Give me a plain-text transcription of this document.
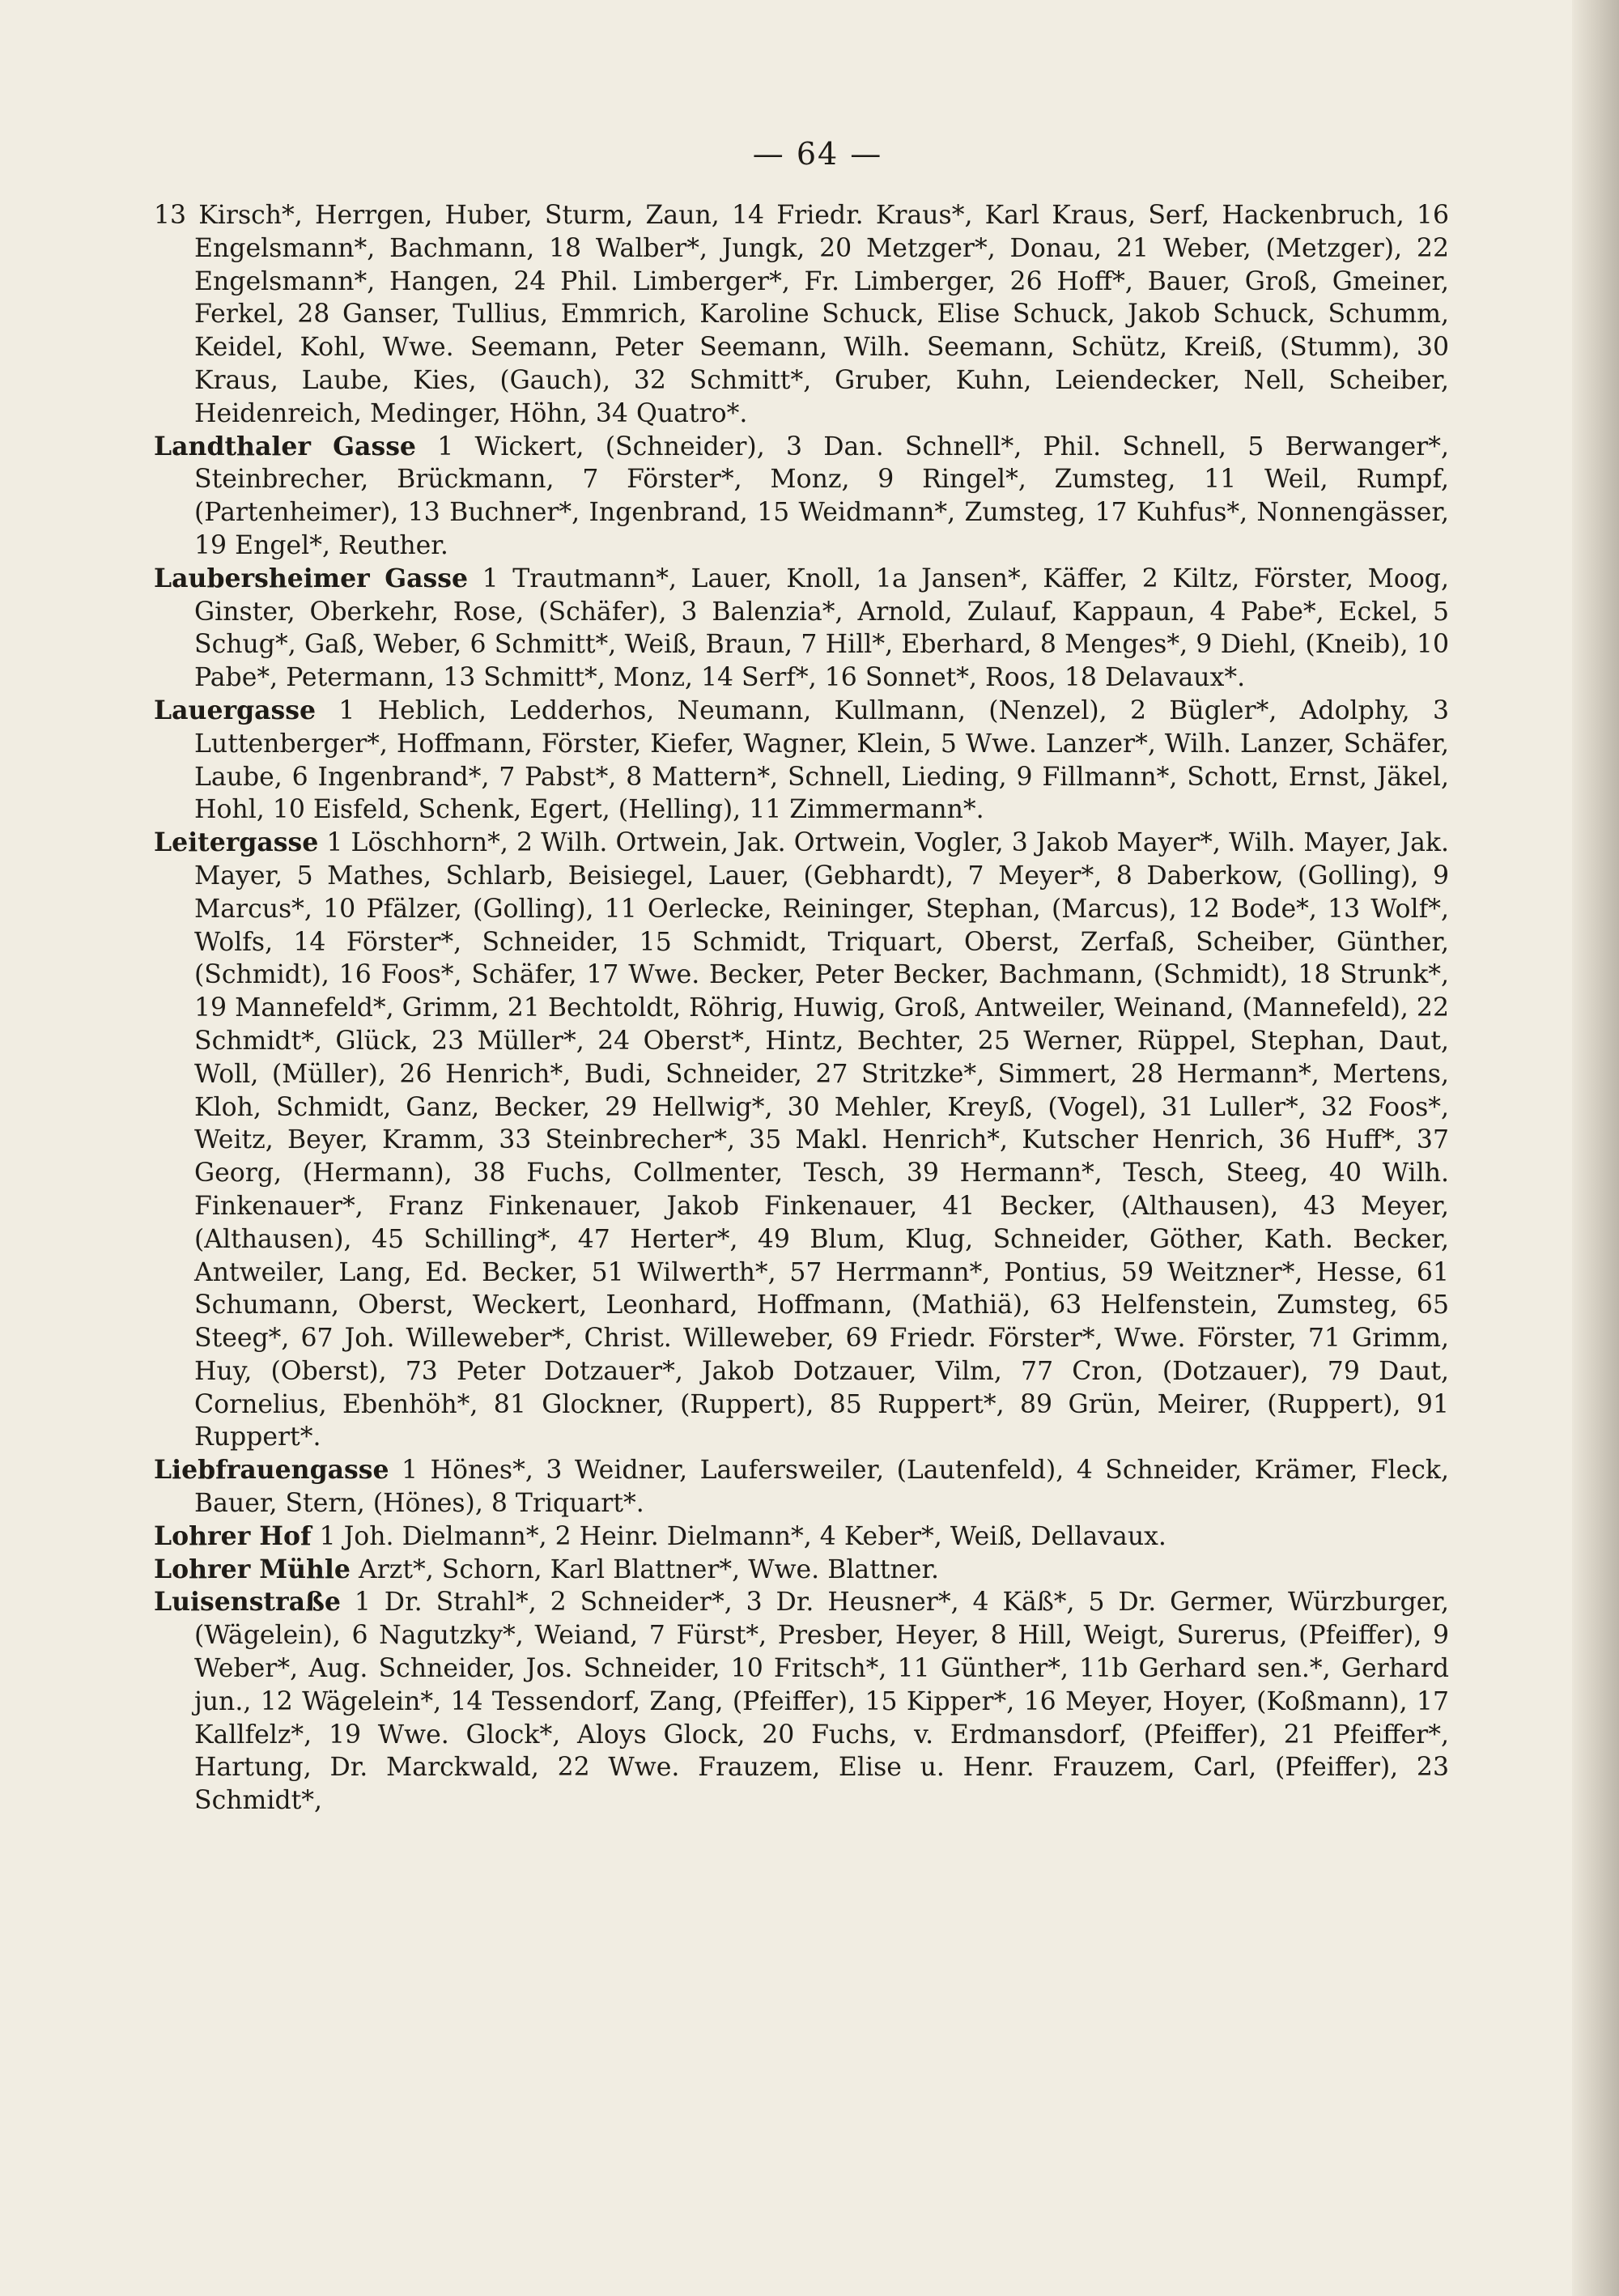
— 64 —

13 Kirsch*, Herrgen, Huber, Sturm, Zaun, 14 Friedr. Kraus*, Karl Kraus, Serf, Hackenbruch, 16 Engelsmann*, Bachmann, 18 Walber*, Jungk, 20 Metzger*, Donau, 21 Weber, (Metzger), 22 Engelsmann*, Hangen, 24 Phil. Limberger*, Fr. Limberger, 26 Hoff*, Bauer, Groß, Gmeiner, Ferkel, 28 Ganser, Tullius, Emmrich, Karoline Schuck, Elise Schuck, Jakob Schuck, Schumm, Keidel, Kohl, Wwe. Seemann, Peter Seemann, Wilh. Seemann, Schütz, Kreiß, (Stumm), 30 Kraus, Laube, Kies, (Gauch), 32 Schmitt*, Gruber, Kuhn, Leiendecker, Nell, Scheiber, Heidenreich, Medinger, Höhn, 34 Quatro*.

Landthaler Gasse 1 Wickert, (Schneider), 3 Dan. Schnell*, Phil. Schnell, 5 Berwanger*, Steinbrecher, Brückmann, 7 Förster*, Monz, 9 Ringel*, Zumsteg, 11 Weil, Rumpf, (Partenheimer), 13 Buchner*, Ingenbrand, 15 Weidmann*, Zumsteg, 17 Kuhfus*, Nonnengässer, 19 Engel*, Reuther.

Laubersheimer Gasse 1 Trautmann*, Lauer, Knoll, 1a Jansen*, Käffer, 2 Kiltz, Förster, Moog, Ginster, Oberkehr, Rose, (Schäfer), 3 Balenzia*, Arnold, Zulauf, Kappaun, 4 Pabe*, Eckel, 5 Schug*, Gaß, Weber, 6 Schmitt*, Weiß, Braun, 7 Hill*, Eberhard, 8 Menges*, 9 Diehl, (Kneib), 10 Pabe*, Petermann, 13 Schmitt*, Monz, 14 Serf*, 16 Sonnet*, Roos, 18 Delavaux*.

Lauergasse 1 Heblich, Ledderhos, Neumann, Kullmann, (Nenzel), 2 Bügler*, Adolphy, 3 Luttenberger*, Hoffmann, Förster, Kiefer, Wagner, Klein, 5 Wwe. Lanzer*, Wilh. Lanzer, Schäfer, Laube, 6 Ingenbrand*, 7 Pabst*, 8 Mattern*, Schnell, Lieding, 9 Fillmann*, Schott, Ernst, Jäkel, Hohl, 10 Eisfeld, Schenk, Egert, (Helling), 11 Zimmermann*.

Leitergasse 1 Löschhorn*, 2 Wilh. Ortwein, Jak. Ortwein, Vogler, 3 Jakob Mayer*, Wilh. Mayer, Jak. Mayer, 5 Mathes, Schlarb, Beisiegel, Lauer, (Gebhardt), 7 Meyer*, 8 Daberkow, (Golling), 9 Marcus*, 10 Pfälzer, (Golling), 11 Oerlecke, Reininger, Stephan, (Marcus), 12 Bode*, 13 Wolf*, Wolfs, 14 Förster*, Schneider, 15 Schmidt, Triquart, Oberst, Zerfaß, Scheiber, Günther, (Schmidt), 16 Foos*, Schäfer, 17 Wwe. Becker, Peter Becker, Bachmann, (Schmidt), 18 Strunk*, 19 Mannefeld*, Grimm, 21 Bechtoldt, Röhrig, Huwig, Groß, Antweiler, Weinand, (Mannefeld), 22 Schmidt*, Glück, 23 Müller*, 24 Oberst*, Hintz, Bechter, 25 Werner, Rüppel, Stephan, Daut, Woll, (Müller), 26 Henrich*, Budi, Schneider, 27 Stritzke*, Simmert, 28 Hermann*, Mertens, Kloh, Schmidt, Ganz, Becker, 29 Hellwig*, 30 Mehler, Kreyß, (Vogel), 31 Luller*, 32 Foos*, Weitz, Beyer, Kramm, 33 Steinbrecher*, 35 Makl. Henrich*, Kutscher Henrich, 36 Huff*, 37 Georg, (Hermann), 38 Fuchs, Collmenter, Tesch, 39 Hermann*, Tesch, Steeg, 40 Wilh. Finkenauer*, Franz Finkenauer, Jakob Finkenauer, 41 Becker, (Althausen), 43 Meyer, (Althausen), 45 Schilling*, 47 Herter*, 49 Blum, Klug, Schneider, Göther, Kath. Becker, Antweiler, Lang, Ed. Becker, 51 Wilwerth*, 57 Herrmann*, Pontius, 59 Weitzner*, Hesse, 61 Schumann, Oberst, Weckert, Leonhard, Hoffmann, (Mathiä), 63 Helfenstein, Zumsteg, 65 Steeg*, 67 Joh. Willeweber*, Christ. Willeweber, 69 Friedr. Förster*, Wwe. Förster, 71 Grimm, Huy, (Oberst), 73 Peter Dotzauer*, Jakob Dotzauer, Vilm, 77 Cron, (Dotzauer), 79 Daut, Cornelius, Ebenhöh*, 81 Glockner, (Ruppert), 85 Ruppert*, 89 Grün, Meirer, (Ruppert), 91 Ruppert*.

Liebfrauengasse 1 Hönes*, 3 Weidner, Laufersweiler, (Lautenfeld), 4 Schneider, Krämer, Fleck, Bauer, Stern, (Hönes), 8 Triquart*.

Lohrer Hof 1 Joh. Dielmann*, 2 Heinr. Dielmann*, 4 Keber*, Weiß, Dellavaux.

Lohrer Mühle Arzt*, Schorn, Karl Blattner*, Wwe. Blattner.

Luisenstraße 1 Dr. Strahl*, 2 Schneider*, 3 Dr. Heusner*, 4 Käß*, 5 Dr. Germer, Würzburger, (Wägelein), 6 Nagutzky*, Weiand, 7 Fürst*, Presber, Heyer, 8 Hill, Weigt, Surerus, (Pfeiffer), 9 Weber*, Aug. Schneider, Jos. Schneider, 10 Fritsch*, 11 Günther*, 11b Gerhard sen.*, Gerhard jun., 12 Wägelein*, 14 Tessendorf, Zang, (Pfeiffer), 15 Kipper*, 16 Meyer, Hoyer, (Koßmann), 17 Kallfelz*, 19 Wwe. Glock*, Aloys Glock, 20 Fuchs, v. Erdmansdorf, (Pfeiffer), 21 Pfeiffer*, Hartung, Dr. Marckwald, 22 Wwe. Frauzem, Elise u. Henr. Frauzem, Carl, (Pfeiffer), 23 Schmidt*,
